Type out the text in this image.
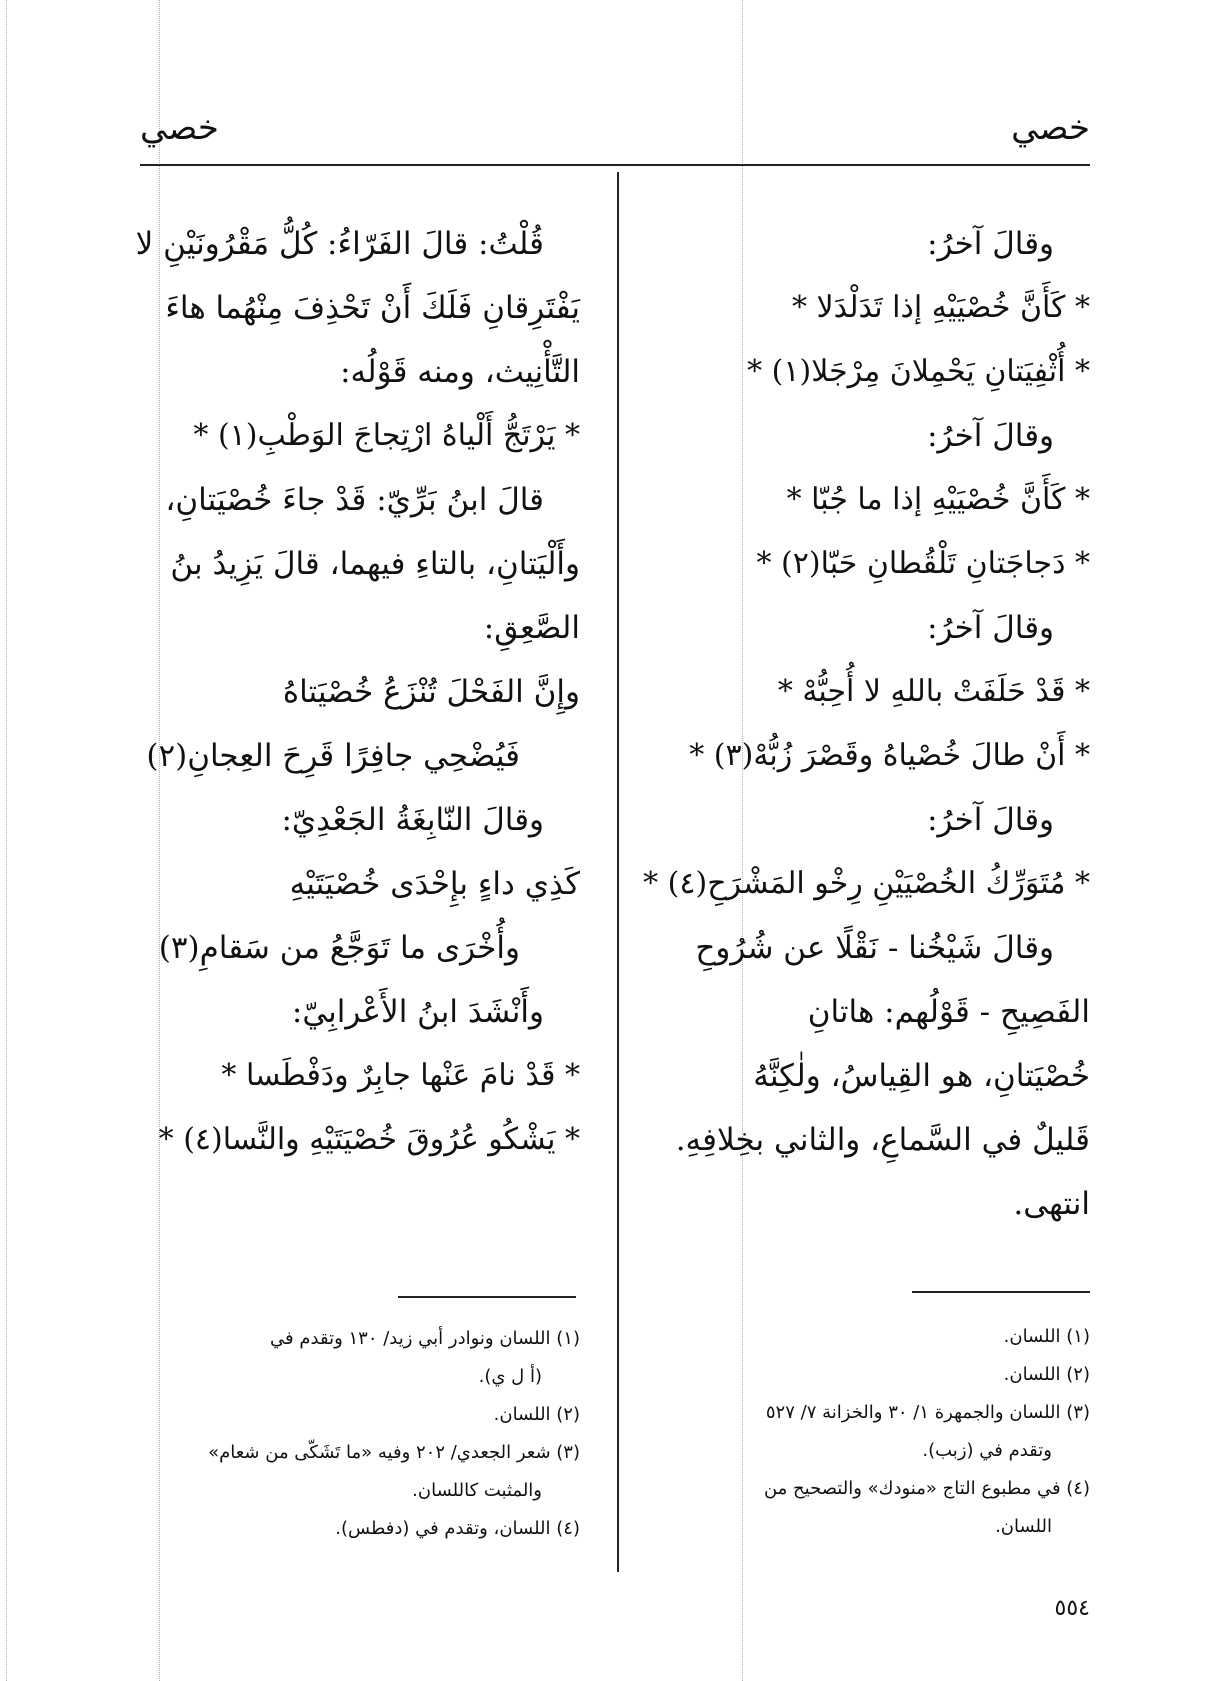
خصي
خصي
وقالَ آخرُ:
* كَأَنَّ خُصْيَيْهِ إذا تَدَلْدَلا *
* أُثْفِيَتانِ يَحْمِلانَ مِرْجَلا(١) *
وقالَ آخرُ:
* كَأَنَّ خُصْيَيْهِ إذا ما جُبّا *
* دَجاجَتانِ تَلْقُطانِ حَبّا(٢) *
وقالَ آخرُ:
* قَدْ حَلَفَتْ باللهِ لا أُحِبُّهْ *
* أَنْ طالَ خُصْياهُ وقَصْرَ زُبُّهْ(٣) *
وقالَ آخرُ:
* مُتَوَرِّكُ الخُصْيَيْنِ رِخْو المَشْرَحِ(٤) *
وقالَ شَيْخُنا - نَقْلًا عن شُرُوحِ
الفَصِيحِ - قَوْلُهم: هاتانِ
خُصْيَتانِ، هو القِياسُ، ولٰكِنَّهُ
قَليلٌ في السَّماعِ، والثاني بخِلافِهِ.
انتهى.
قُلْتُ: قالَ الفَرّاءُ: كُلُّ مَقْرُونَيْنِ لا
يَفْتَرِقانِ فَلَكَ أَنْ تَحْذِفَ مِنْهُما هاءَ
التَّأْنِيث، ومنه قَوْلُه:
* يَرْتَجُّ أَلْياهُ ارْتِجاجَ الوَطْبِ(١) *
قالَ ابنُ بَرِّيّ: قَدْ جاءَ خُصْيَتانِ،
وأَلْيَتانِ، بالتاءِ فيهما، قالَ يَزِيدُ بنُ
الصَّعِقِ:
وإِنَّ الفَحْلَ تُنْزَعُ خُصْيَتاهُ
فَيُضْحِي جافِرًا قَرِحَ العِجانِ(٢)
وقالَ النّابِغَةُ الجَعْدِيّ:
كَذِي داءٍ بإِحْدَى خُصْيَتَيْهِ
وأُخْرَى ما تَوَجَّعُ من سَقامِ(٣)
وأَنْشَدَ ابنُ الأَعْرابِيّ:
* قَدْ نامَ عَنْها جابِرٌ ودَفْطَسا *
* يَشْكُو عُرُوقَ خُصْيَتَيْهِ والنَّسا(٤) *
(١) اللسان.
(٢) اللسان.
(٣) اللسان والجمهرة ١/ ٣٠ والخزانة ٧/ ٥٢٧
وتقدم في (زبب).
(٤) في مطبوع التاج «منودك» والتصحيح من
اللسان.
(١) اللسان ونوادر أبي زيد/ ١٣٠ وتقدم في
(أ ل ي).
(٢) اللسان.
(٣) شعر الجعدي/ ٢٠٢ وفيه «ما تَشَكّى من شعام»
والمثبت كاللسان.
(٤) اللسان، وتقدم في (دفطس).
٥٥٤
